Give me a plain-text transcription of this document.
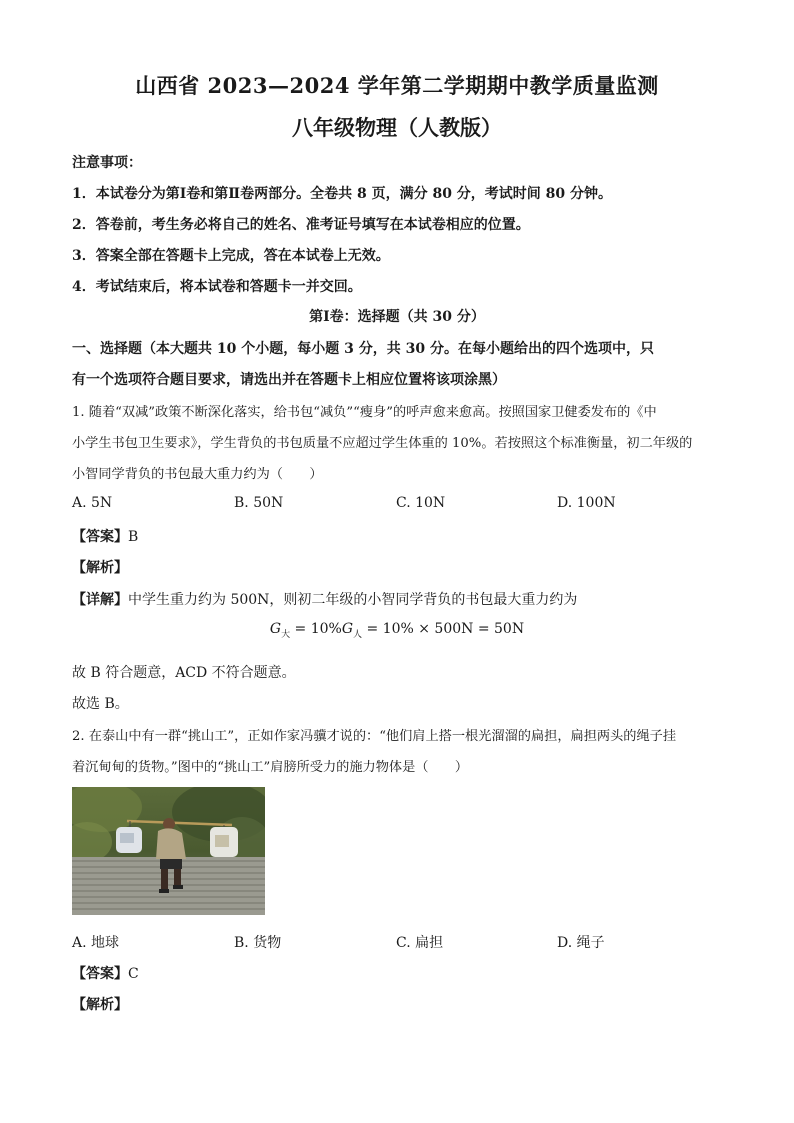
山西省 2023—2024 学年第二学期期中教学质量监测
八年级物理（人教版）
注意事项：
1．本试卷分为第Ⅰ卷和第Ⅱ卷两部分。全卷共 8 页，满分 80 分，考试时间 80 分钟。
2．答卷前，考生务必将自己的姓名、准考证号填写在本试卷相应的位置。
3．答案全部在答题卡上完成，答在本试卷上无效。
4．考试结束后，将本试卷和答题卡一并交回。
第Ⅰ卷：选择题（共 30 分）
一、选择题（本大题共 10 个小题，每小题 3 分，共 30 分。在每小题给出的四个选项中，只
有一个选项符合题目要求，请选出并在答题卡上相应位置将该项涂黑）
1. 随着“双减”政策不断深化落实，给书包“减负”“瘦身”的呼声愈来愈高。按照国家卫健委发布的《中
小学生书包卫生要求》，学生背负的书包质量不应超过学生体重的 10%。若按照这个标准衡量，初二年级的
小智同学背负的书包最大重力约为（　　）
A. 5N	B. 50N	C. 10N	D. 100N
【答案】B
【解析】
【详解】中学生重力约为 500N，则初二年级的小智同学背负的书包最大重力约为
$G_大 = 10\%G_人 = 10\% \times 500N = 50N$
故 B 符合题意，ACD 不符合题意。
故选 B。
2. 在泰山中有一群“挑山工”，正如作家冯骥才说的：“他们肩上搭一根光溜溜的扁担，扁担两头的绳子挂
着沉甸甸的货物。”图中的“挑山工”肩膀所受力的施力物体是（　　）
A. 地球	B. 货物	C. 扁担	D. 绳子
【答案】C
【解析】
